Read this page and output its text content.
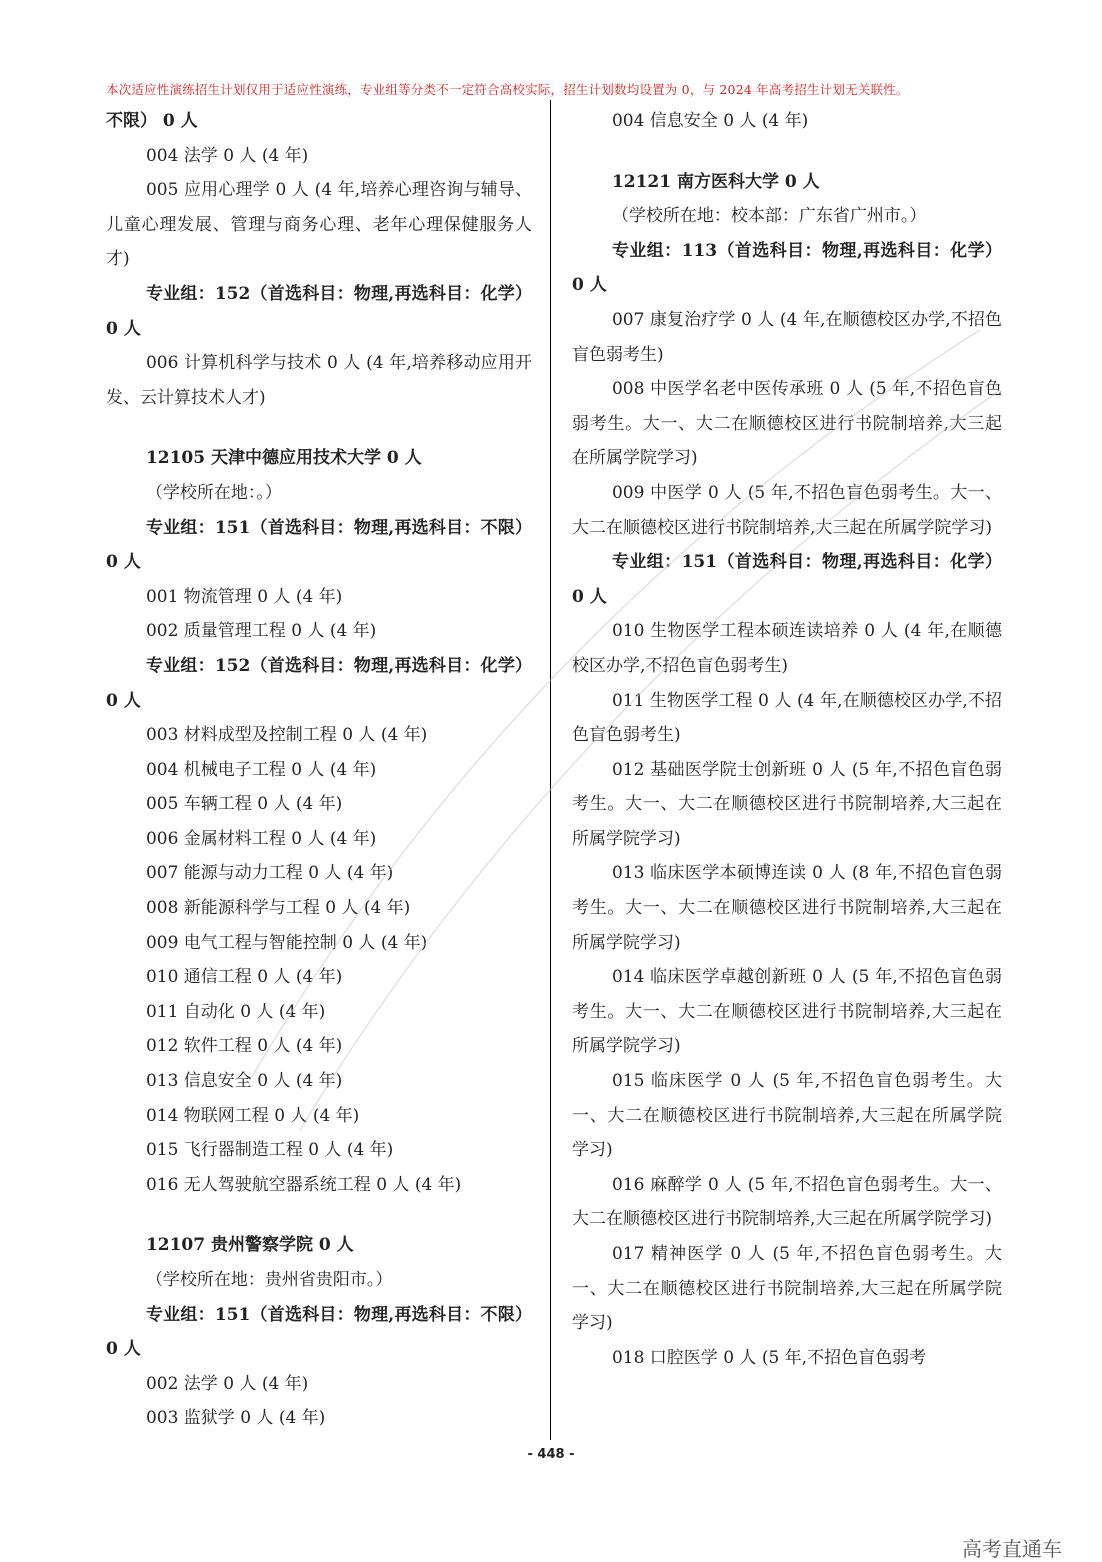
本次适应性演练招生计划仅用于适应性演练，专业组等分类不一定符合高校实际，招生计划数均设置为 0，与 2024 年高考招生计划无关联性。

不限） 0 人

004 法学 0 人 (4 年)

005 应用心理学 0 人 (4 年,培养心理咨询与辅导、儿童心理发展、管理与商务心理、老年心理保健服务人才)

专业组：152（首选科目：物理,再选科目：化学） 0 人

006 计算机科学与技术 0 人 (4 年,培养移动应用开发、云计算技术人才)

12105 天津中德应用技术大学 0 人

（学校所在地：。）

专业组：151（首选科目：物理,再选科目：不限） 0 人

001 物流管理 0 人 (4 年)

002 质量管理工程 0 人 (4 年)

专业组：152（首选科目：物理,再选科目：化学） 0 人

003 材料成型及控制工程 0 人 (4 年)

004 机械电子工程 0 人 (4 年)

005 车辆工程 0 人 (4 年)

006 金属材料工程 0 人 (4 年)

007 能源与动力工程 0 人 (4 年)

008 新能源科学与工程 0 人 (4 年)

009 电气工程与智能控制 0 人 (4 年)

010 通信工程 0 人 (4 年)

011 自动化 0 人 (4 年)

012 软件工程 0 人 (4 年)

013 信息安全 0 人 (4 年)

014 物联网工程 0 人 (4 年)

015 飞行器制造工程 0 人 (4 年)

016 无人驾驶航空器系统工程 0 人 (4 年)

12107 贵州警察学院 0 人

（学校所在地：贵州省贵阳市。）

专业组：151（首选科目：物理,再选科目：不限） 0 人

002 法学 0 人 (4 年)

003 监狱学 0 人 (4 年)

004 信息安全 0 人 (4 年)

12121 南方医科大学 0 人

（学校所在地：校本部：广东省广州市。）

专业组：113（首选科目：物理,再选科目：化学） 0 人

007 康复治疗学 0 人 (4 年,在顺德校区办学,不招色盲色弱考生)

008 中医学名老中医传承班 0 人 (5 年,不招色盲色弱考生。大一、大二在顺德校区进行书院制培养,大三起在所属学院学习)

009 中医学 0 人 (5 年,不招色盲色弱考生。大一、大二在顺德校区进行书院制培养,大三起在所属学院学习)

专业组：151（首选科目：物理,再选科目：化学） 0 人

010 生物医学工程本硕连读培养 0 人 (4 年,在顺德校区办学,不招色盲色弱考生)

011 生物医学工程 0 人 (4 年,在顺德校区办学,不招色盲色弱考生)

012 基础医学院士创新班 0 人 (5 年,不招色盲色弱考生。大一、大二在顺德校区进行书院制培养,大三起在所属学院学习)

013 临床医学本硕博连读 0 人 (8 年,不招色盲色弱考生。大一、大二在顺德校区进行书院制培养,大三起在所属学院学习)

014 临床医学卓越创新班 0 人 (5 年,不招色盲色弱考生。大一、大二在顺德校区进行书院制培养,大三起在所属学院学习)

015 临床医学 0 人 (5 年,不招色盲色弱考生。大一、大二在顺德校区进行书院制培养,大三起在所属学院学习)

016 麻醉学 0 人 (5 年,不招色盲色弱考生。大一、大二在顺德校区进行书院制培养,大三起在所属学院学习)

017 精神医学 0 人 (5 年,不招色盲色弱考生。大一、大二在顺德校区进行书院制培养,大三起在所属学院学习)

018 口腔医学 0 人 (5 年,不招色盲色弱考

- 448 -
高考直通车
